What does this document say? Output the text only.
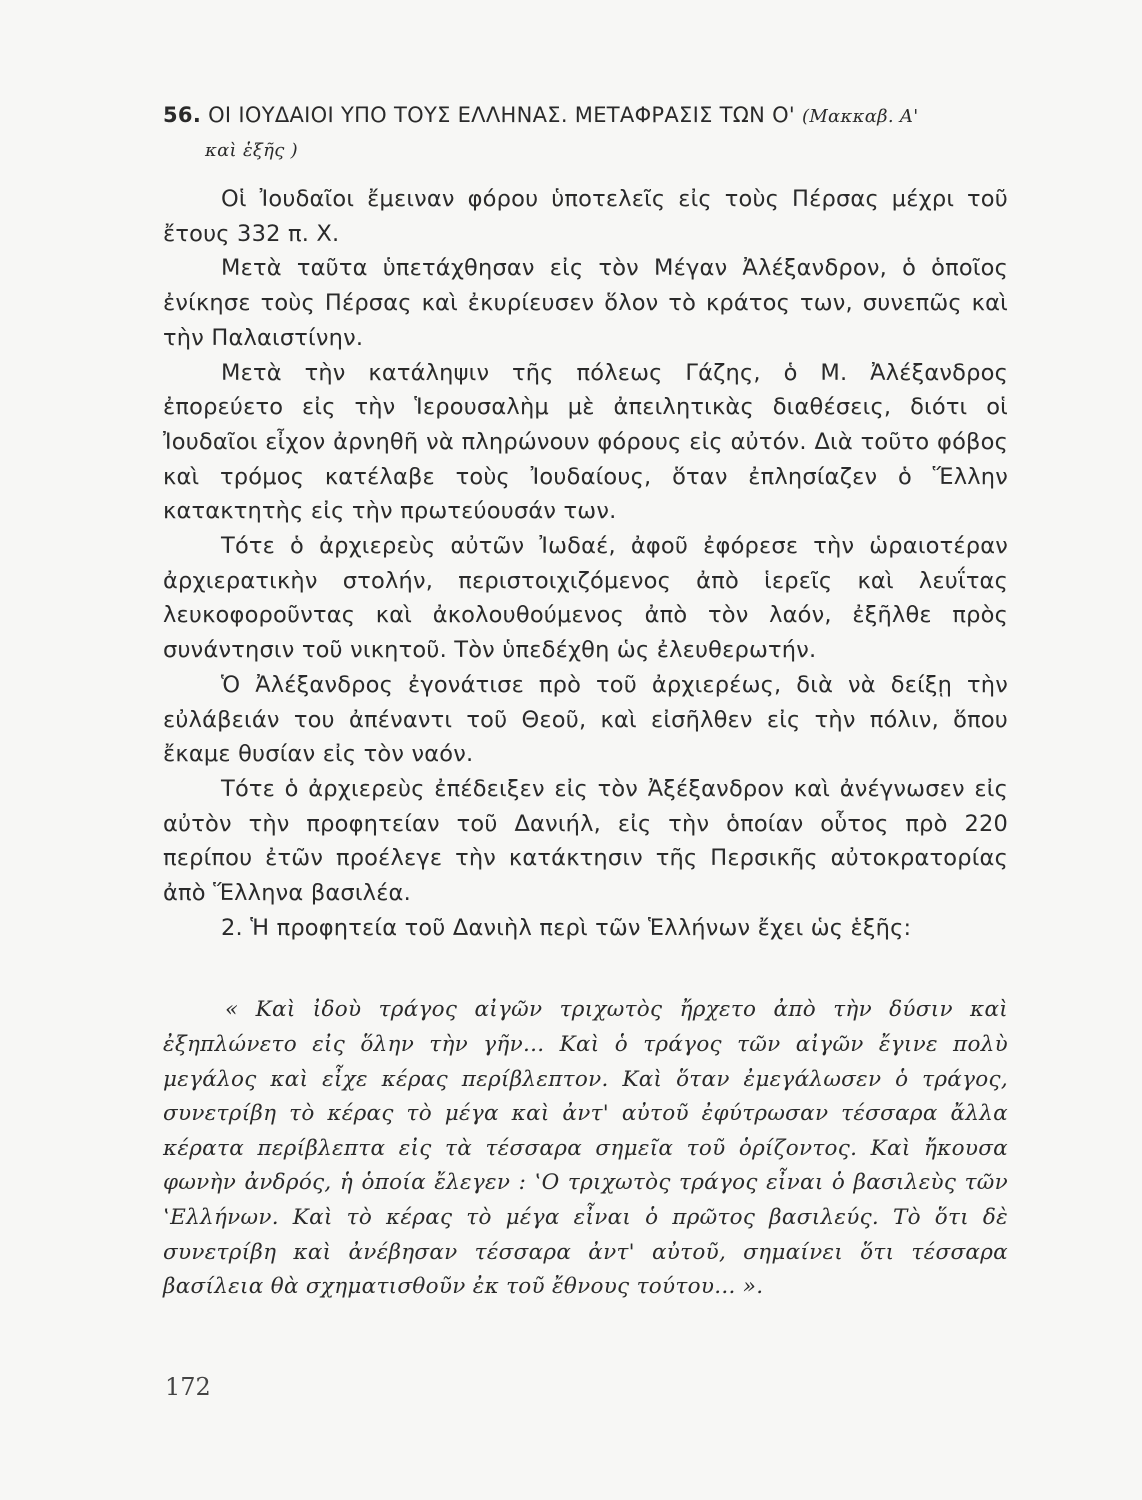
56. ΟΙ ΙΟΥΔΑΙΟΙ ΥΠΟ ΤΟΥΣ ΕΛΛΗΝΑΣ. ΜΕΤΑΦΡΑΣΙΣ ΤΩΝ Ο' (Μακκαβ. Α'
καὶ ἑξῆς )

Οἱ Ἰουδαῖοι ἔμειναν φόρου ὑποτελεῖς εἰς τοὺς Πέρσας μέχρι τοῦ ἔτους 332 π. Χ.

Μετὰ ταῦτα ὑπετάχθησαν εἰς τὸν Μέγαν Ἀλέξανδρον, ὁ ὁποῖος ἐνίκησε τοὺς Πέρσας καὶ ἐκυρίευσεν ὅλον τὸ κράτος των, συνεπῶς καὶ τὴν Παλαιστίνην.

Μετὰ τὴν κατάληψιν τῆς πόλεως Γάζης, ὁ Μ. Ἀλέξανδρος ἐπορεύετο εἰς τὴν Ἱερουσαλὴμ μὲ ἀπειλητικὰς διαθέσεις, διότι οἱ Ἰουδαῖοι εἶχον ἀρνηθῆ νὰ πληρώνουν φόρους εἰς αὐτόν. Διὰ τοῦτο φόβος καὶ τρόμος κατέλαβε τοὺς Ἰουδαίους, ὅταν ἐπλησίαζεν ὁ Ἕλλην κατακτητὴς εἰς τὴν πρωτεύουσάν των.

Τότε ὁ ἀρχιερεὺς αὐτῶν Ἰωδαέ, ἀφοῦ ἐφόρεσε τὴν ὡραιοτέραν ἀρχιερατικὴν στολήν, περιστοιχιζόμενος ἀπὸ ἱερεῖς καὶ λευΐτας λευκοφοροῦντας καὶ ἀκολουθούμενος ἀπὸ τὸν λαόν, ἐξῆλθε πρὸς συνάντησιν τοῦ νικητοῦ. Τὸν ὑπεδέχθη ὡς ἐλευθερωτήν.

Ὁ Ἀλέξανδρος ἐγονάτισε πρὸ τοῦ ἀρχιερέως, διὰ νὰ δείξῃ τὴν εὐλάβειάν του ἀπέναντι τοῦ Θεοῦ, καὶ εἰσῆλθεν εἰς τὴν πόλιν, ὅπου ἔκαμε θυσίαν εἰς τὸν ναόν.

Τότε ὁ ἀρχιερεὺς ἐπέδειξεν εἰς τὸν Ἀξέξανδρον καὶ ἀνέγνωσεν εἰς αὐτὸν τὴν προφητείαν τοῦ Δανιήλ, εἰς τὴν ὁποίαν οὗτος πρὸ 220 περίπου ἐτῶν προέλεγε τὴν κατάκτησιν τῆς Περσικῆς αὐτοκρατορίας ἀπὸ Ἕλληνα βασιλέα.

2. Ἡ προφητεία τοῦ Δανιὴλ περὶ τῶν Ἑλλήνων ἔχει ὡς ἑξῆς:

« Καὶ ἰδοὺ τράγος αἰγῶν τριχωτὸς ἤρχετο ἀπὸ τὴν δύσιν καὶ ἐξηπλώνετο εἰς ὅλην τὴν γῆν... Καὶ ὁ τράγος τῶν αἰγῶν ἔγινε πολὺ μεγάλος καὶ εἶχε κέρας περίβλεπτον. Καὶ ὅταν ἐμεγάλωσεν ὁ τράγος, συνετρίβη τὸ κέρας τὸ μέγα καὶ ἀντ' αὐτοῦ ἐφύτρωσαν τέσσαρα ἄλλα κέρατα περίβλεπτα εἰς τὰ τέσσαρα σημεῖα τοῦ ὁρίζοντος. Καὶ ἤκουσα φωνὴν ἀνδρός, ἡ ὁποία ἔλεγεν : ‛Ο τριχωτὸς τράγος εἶναι ὁ βασιλεὺς τῶν ‛Ελλήνων. Καὶ τὸ κέρας τὸ μέγα εἶναι ὁ πρῶτος βασιλεύς. Τὸ ὅτι δὲ συνετρίβη καὶ ἀνέβησαν τέσσαρα ἀντ' αὐτοῦ, σημαίνει ὅτι τέσσαρα βασίλεια θὰ σχηματισθοῦν ἐκ τοῦ ἔθνους τούτου... ».

172
